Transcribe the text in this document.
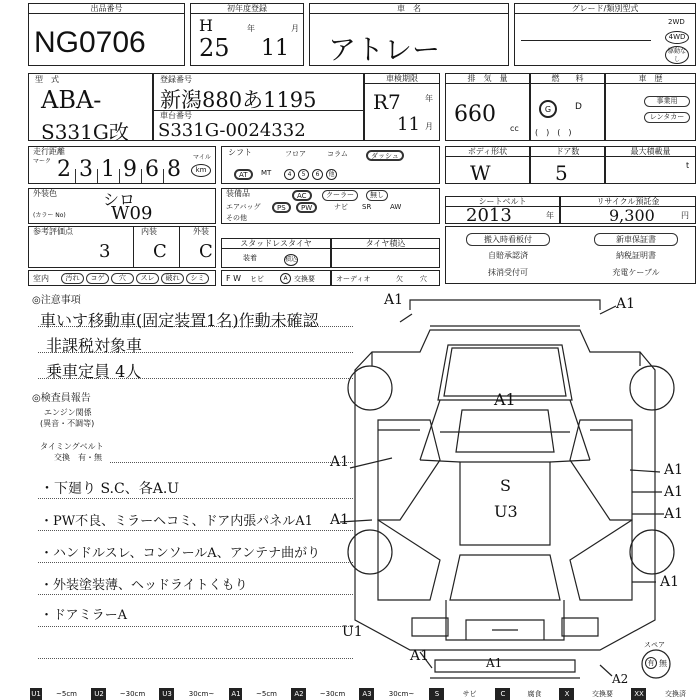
出品番号
NG0706
初年度登録
H
25
年
11
月
車　名
アトレー
グレード/類別型式
2WD
4WD
駆動なし
型　式
ABA-
S331G改
登録番号
新潟880あ1195
車台番号
S331G-0024332
車検期限
R7	年
11 月
排　気　量
660
cc
燃　　料
G	D
(　)　(　)
車　歴
事業用
レンタカー
走行距離
マーク 2 3 1 9 6 8 マイル
km
シフト	フロア	コラム	ダッシュ
AT	MT	4	5	6	他
ボディ形状
W
ドア数
5
最大積載量
t
外装色
(カラー No)
シロ
W09
装備品	AC	クーラー	無し
エアバッグ	PS	PW	ナビ SR	AW
その他
シートベルト
2013	年
リサイクル預託金
9,300	円
参考評価点	内装	外装
3 C C	スタッドレスタイヤ
装着	積込
タイヤ積込	搬入時看板付	新車保証書
自賠承認済	納税証明書
抹消受付可	充電ケーブル
室内	汚れ	コゲ	穴	スレ	破れ	シミ	F W ヒビ	A 交換要	オーディオ	欠 穴
◎注意事項
車いす移動車(固定装置1名)作動未確認
非課税対象車
乗車定員 4人
◎検査員報告
エンジン関係
(異音・不調等)
タイミングベルト
交換　有・無
・下廻り S.C、各A.U
・PW不良、ミラーヘコミ、ドア内張パネルA1
・ハンドルスレ、コンソールA、アンテナ曲がり
・外装塗装薄、ヘッドライトくもり
・ドアミラーA
A1	A1
A1
S
U3
A1	A1
A1
A1	A1
A1
U1
A1
A2
A1
スペア
有 無
U1	~5cm	U2	~30cm	U3	30cm~	A1	~5cm	A2	~30cm	A3	30cm~	S	サビ	C	腐食	X	交換要	XX	交換済
